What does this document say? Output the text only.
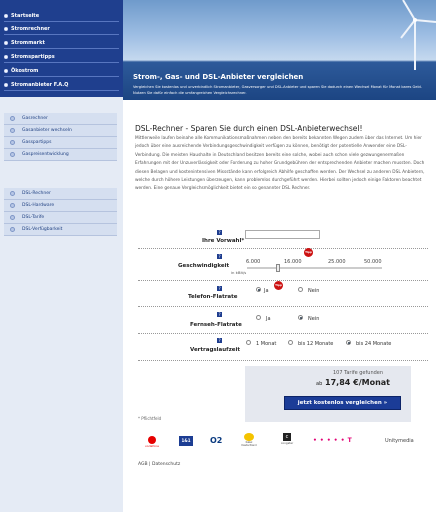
Startseite
Stromrechner
Strommarkt
Stromspartipps
Ökostrom
Stromanbieter F.A.Q
Strom-, Gas- und DSL-Anbieter vergleichen
Vergleichen Sie kostenlos und unverbindlich Stromanbieter, Gasversorger und DSL-Anbieter und sparen Sie dadurch einen Wechsel Monat für Monat bares Geld. Nutzen Sie dafür einfach die umfangreichen Vergleichsrechner.
Gasrechner
Gasanbieter wechseln
Gasspartipps
Gaspreisentwicklung
DSL-Rechner
DSL-Hardware
DSL-Tarife
DSL-Verfügbarkeit
DSL-Rechner - Sparen Sie durch einen DSL-Anbieterwechsel!
Mittlerweile laufen beinahe alle Kommunikationsmaßnahmen neben den bereits bekannten Wegen zudem über das Internet. Um hier jedoch über eine ausreichende Verbindungsgeschwindigkeit verfügen zu können, benötigt der potentielle Anwender eine DSL-Verbindung. Die meisten Haushalte in Deutschland besitzen bereits eine solche, wobei auch schon viele gezwungenermaßen Erfahrungen mit der Unzuverlässigkeit oder Forderung zu hoher Grundgebühren der entsprechenden Anbieter machen mussten. Doch diesen Belagen und kostenintensiven Missstände kann erfolgreich Abhilfe geschaffen werden. Der Wechsel zu anderen DSL Anbietern, welche durch höhere Leistungen überzeugen, kann problemlos durchgeführt werden. Hierbei sollten jedoch einige Faktoren beachtet werden. Eine genaue Vergleichsmöglichkeit bietet ein so genannter DSL Rechner.
?
Ihre Vorwahl*
?
Geschwindigkeit
in kBit/s
6.000	16.000	25.000	50.000
Tipp
?
Telefon-Flatrate
Ja
Tipp
Nein
?
Fernseh-Flatrate
Ja	Nein
?
Vertragslaufzeit
1 Monat	bis 12 Monate	bis 24 Monate
107 Tarife gefunden
ab 17,84 €/Monat
jetzt kostenlos vergleichen »
* Pflichtfeld
vodafone
1&1	O2	Kabel Deutschland
c
congstar	• • • • • T	Unitymedia
AGB | Datenschutz
